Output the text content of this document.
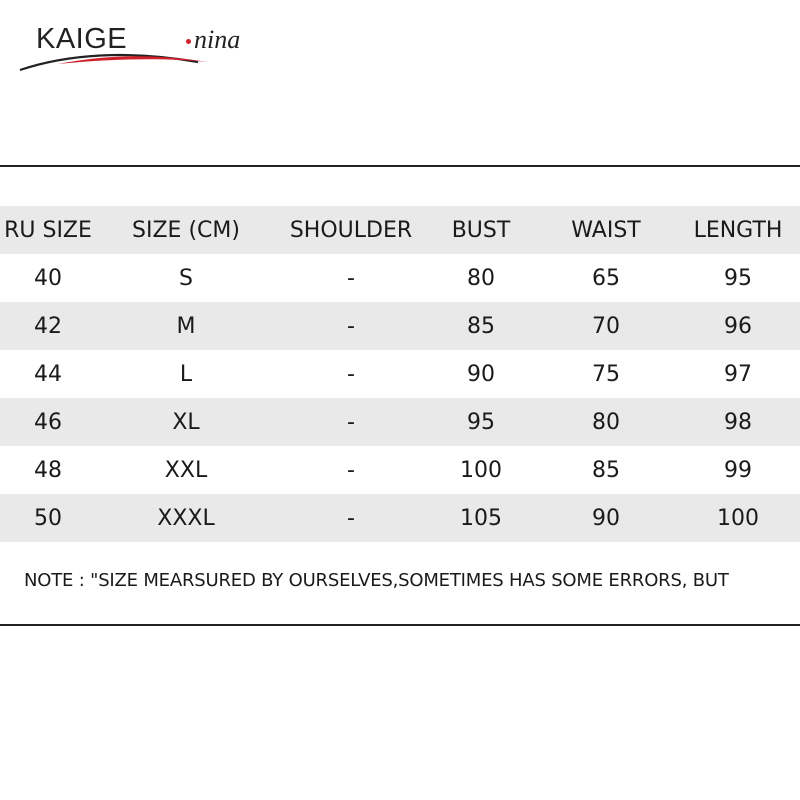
KAIGE	nina
RU SIZE	SIZE (CM)	SHOULDER	BUST	WAIST	LENGTH
40	S	-	80	65	95
42	M	-	85	70	96
44	L	-	90	75	97
46	XL	-	95	80	98
48	XXL	-	100	85	99
50	XXXL	-	105	90	100
NOTE : "SIZE MEARSURED BY OURSELVES,SOMETIMES HAS SOME ERRORS, BUT
